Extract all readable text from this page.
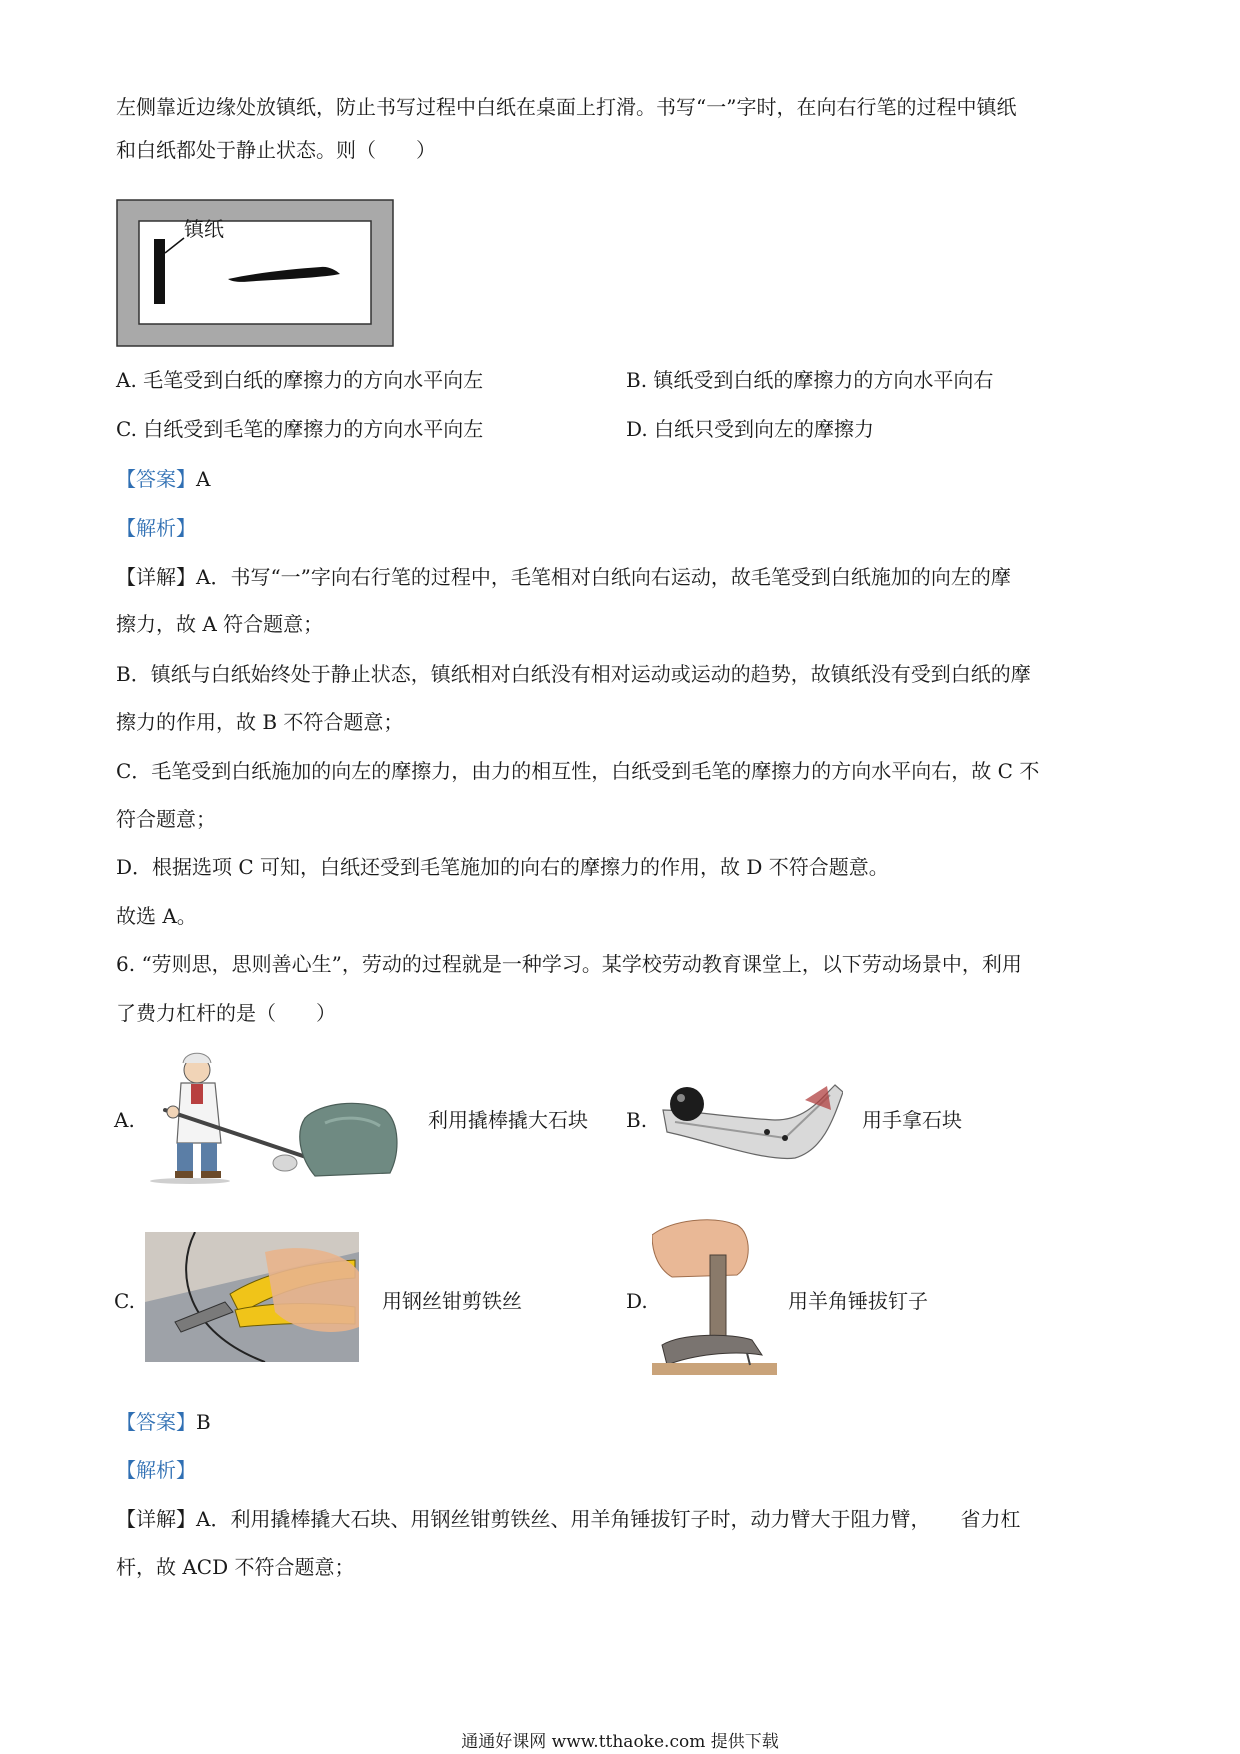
左侧靠近边缘处放镇纸，防止书写过程中白纸在桌面上打滑。书写“一”字时，在向右行笔的过程中镇纸
和白纸都处于静止状态。则（　　）
镇纸
A. 毛笔受到白纸的摩擦力的方向水平向左	B. 镇纸受到白纸的摩擦力的方向水平向右
C. 白纸受到毛笔的摩擦力的方向水平向左	D. 白纸只受到向左的摩擦力
【答案】A
【解析】
【详解】A．书写“一”字向右行笔的过程中，毛笔相对白纸向右运动，故毛笔受到白纸施加的向左的摩
擦力，故 A 符合题意；
B．镇纸与白纸始终处于静止状态，镇纸相对白纸没有相对运动或运动的趋势，故镇纸没有受到白纸的摩
擦力的作用，故 B 不符合题意；
C．毛笔受到白纸施加的向左的摩擦力，由力的相互性，白纸受到毛笔的摩擦力的方向水平向右，故 C 不
符合题意；
D．根据选项 C 可知，白纸还受到毛笔施加的向右的摩擦力的作用，故 D 不符合题意。
故选 A。
6. “劳则思，思则善心生”，劳动的过程就是一种学习。某学校劳动教育课堂上，以下劳动场景中，利用
了费力杠杆的是（　　）
A.	利用撬棒撬大石块 B.	用手拿石块
C.	用钢丝钳剪铁丝	D.	用羊角锤拔钉子
【答案】B
【解析】
【详解】A．利用撬棒撬大石块、用钢丝钳剪铁丝、用羊角锤拔钉子时，动力臂大于阻力臂，　　省力杠
杆，故 ACD 不符合题意；
通通好课网 www.tthaoke.com 提供下载
